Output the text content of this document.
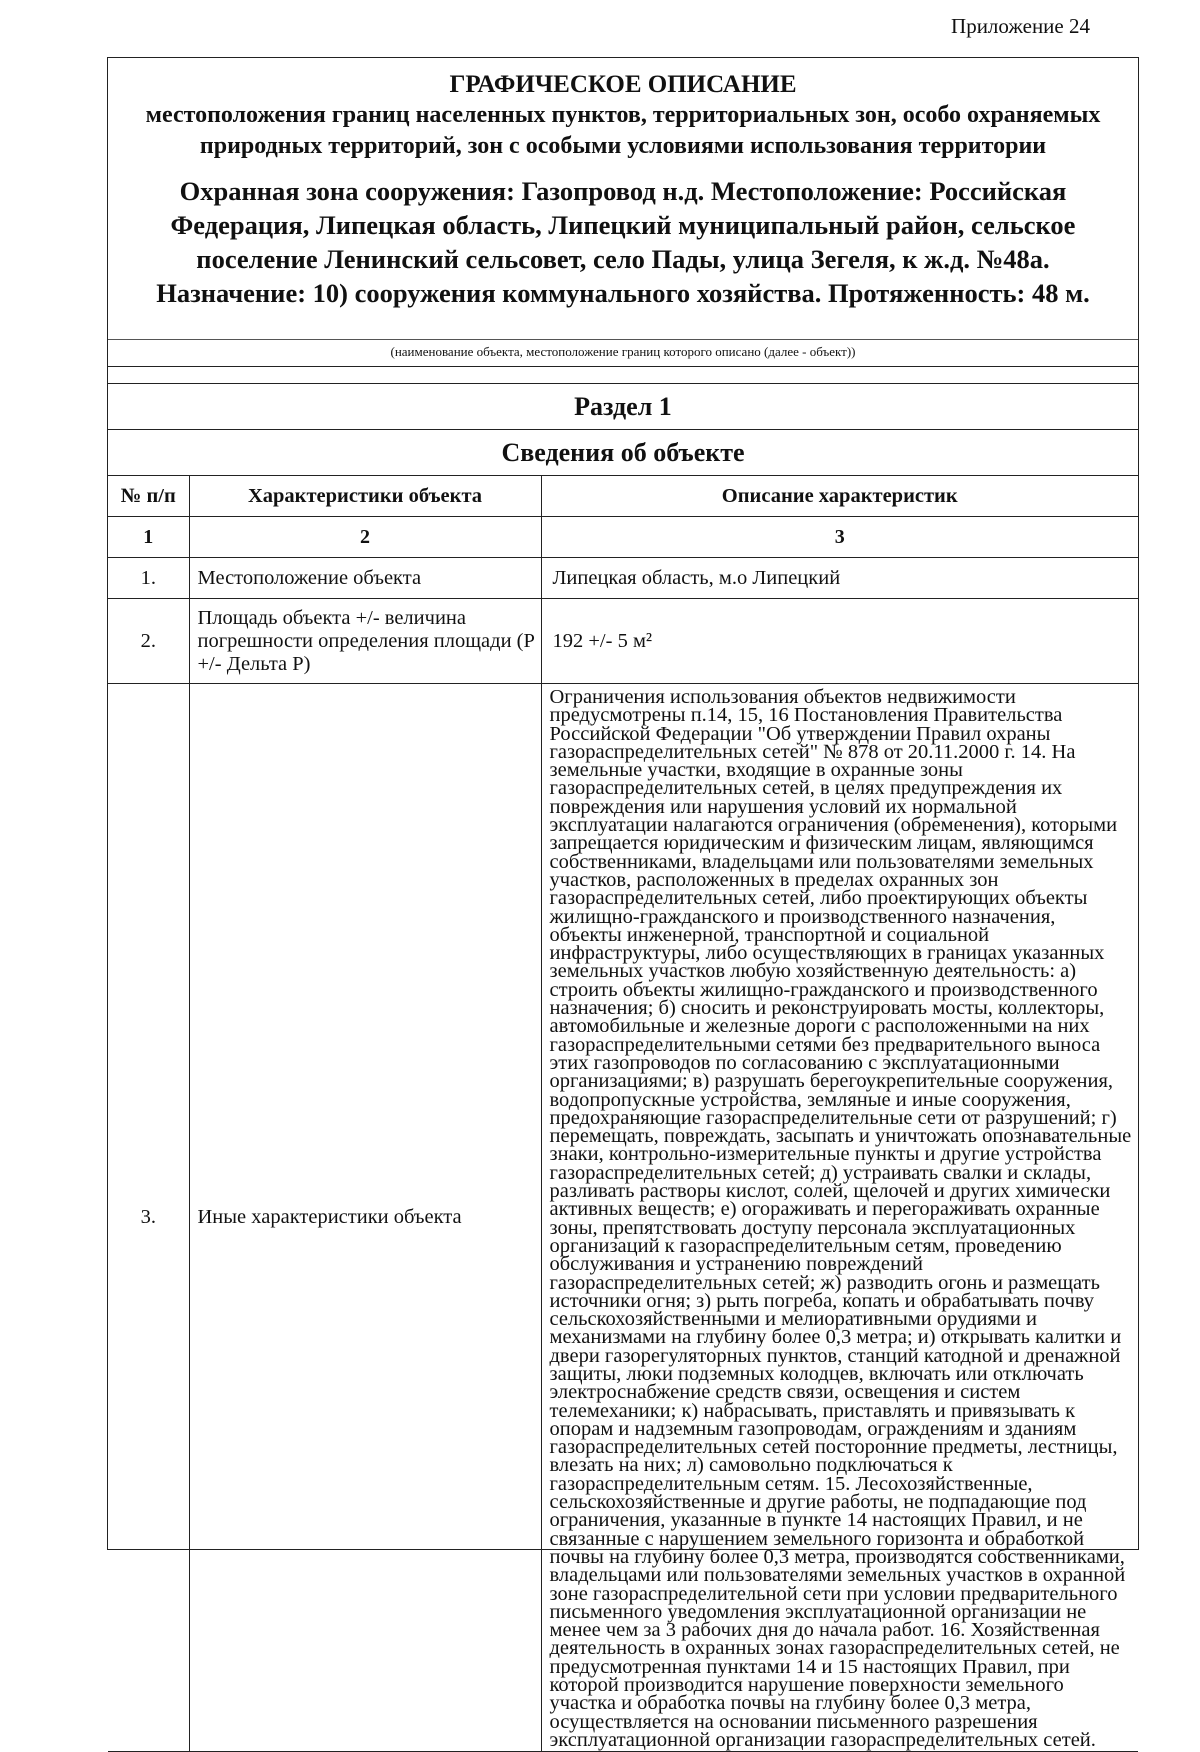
Приложение 24
ГРАФИЧЕСКОЕ ОПИСАНИЕ
местоположения границ населенных пунктов, территориальных зон, особо охраняемых природных территорий, зон с особыми условиями использования территории
Охранная зона сооружения: Газопровод н.д. Местоположение: Российская
Федерация, Липецкая область, Липецкий муниципальный район, сельское
поселение Ленинский сельсовет, село Пады, улица Зегеля, к ж.д. №48а.
Назначение: 10) сооружения коммунального хозяйства. Протяженность: 48 м.
(наименование объекта, местоположение границ которого описано (далее - объект))
Раздел 1
Сведения об объекте
№ п/п	Характеристики объекта	Описание характеристик
1	2	3
1.	Местоположение объекта	Липецкая область, м.о Липецкий
2.	Площадь объекта +/- величина погрешности определения площади (Р +/- Дельта Р)	192 +/- 5 м²
3.	Иные характеристики объекта	Ограничения использования объектов недвижимости предусмотрены п.14, 15, 16 Постановления Правительства Российской Федерации "Об утверждении Правил охраны газораспределительных сетей" № 878 от 20.11.2000 г. 14. На земельные участки, входящие в охранные зоны газораспределительных сетей, в целях предупреждения их повреждения или нарушения условий их нормальной эксплуатации налагаются ограничения (обременения), которыми запрещается юридическим и физическим лицам, являющимся собственниками, владельцами или пользователями земельных участков, расположенных в пределах охранных зон газораспределительных сетей, либо проектирующих объекты жилищно-гражданского и производственного назначения, объекты инженерной, транспортной и социальной инфраструктуры, либо осуществляющих в границах указанных земельных участков любую хозяйственную деятельность: а) строить объекты жилищно-гражданского и производственного назначения; б) сносить и реконструировать мосты, коллекторы, автомобильные и железные дороги с расположенными на них газораспределительными сетями без предварительного выноса этих газопроводов по согласованию с эксплуатационными организациями; в) разрушать берегоукрепительные сооружения, водопропускные устройства, земляные и иные сооружения, предохраняющие газораспределительные сети от разрушений; г) перемещать, повреждать, засыпать и уничтожать опознавательные знаки, контрольно-измерительные пункты и другие устройства газораспределительных сетей; д) устраивать свалки и склады, разливать растворы кислот, солей, щелочей и других химически активных веществ; е) огораживать и перегораживать охранные зоны, препятствовать доступу персонала эксплуатационных организаций к газораспределительным сетям, проведению обслуживания и устранению повреждений газораспределительных сетей; ж) разводить огонь и размещать источники огня; з) рыть погреба, копать и обрабатывать почву сельскохозяйственными и мелиоративными орудиями и механизмами на глубину более 0,3 метра; и) открывать калитки и двери газорегуляторных пунктов, станций катодной и дренажной защиты, люки подземных колодцев, включать или отключать электроснабжение средств связи, освещения и систем телемеханики; к) набрасывать, приставлять и привязывать к опорам и надземным газопроводам, ограждениям и зданиям газораспределительных сетей посторонние предметы, лестницы, влезать на них; л) самовольно подключаться к газораспределительным сетям. 15. Лесохозяйственные, сельскохозяйственные и другие работы, не подпадающие под ограничения, указанные в пункте 14 настоящих Правил, и не связанные с нарушением земельного горизонта и обработкой почвы на глубину более 0,3 метра, производятся собственниками, владельцами или пользователями земельных участков в охранной зоне газораспределительной сети при условии предварительного письменного уведомления эксплуатационной организации не менее чем за 3 рабочих дня до начала работ. 16. Хозяйственная деятельность в охранных зонах газораспределительных сетей, не предусмотренная пунктами 14 и 15 настоящих Правил, при которой производится нарушение поверхности земельного участка и обработка почвы на глубину более 0,3 метра, осуществляется на основании письменного разрешения эксплуатационной организации газораспределительных сетей.
